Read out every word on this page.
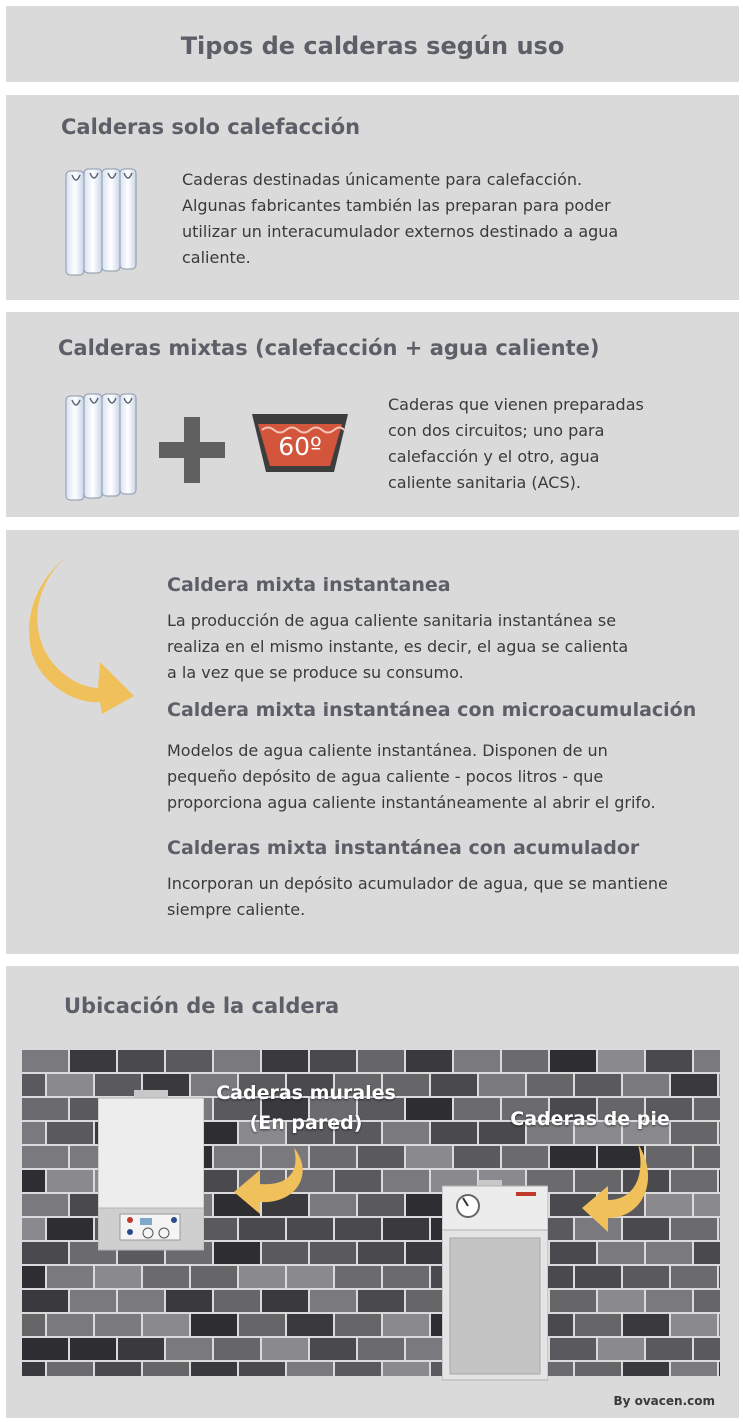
Tipos de calderas según uso
Calderas solo calefacción
Caderas destinadas únicamente para calefacción.
Algunas fabricantes también las preparan para poder
utilizar un interacumulador externos destinado a agua
caliente.
Calderas mixtas (calefacción + agua caliente)
60º
Caderas que vienen preparadas
con dos circuitos; uno para
calefacción y el otro, agua
caliente sanitaria (ACS).
Caldera mixta instantanea
La producción de agua caliente sanitaria instantánea se
realiza en el mismo instante, es decir, el agua se calienta
a la vez que se produce su consumo.
Caldera mixta instantánea con microacumulación
Modelos de agua caliente instantánea. Disponen de un
pequeño depósito de agua caliente - pocos litros - que
proporciona agua caliente instantáneamente al abrir el grifo.
Calderas mixta instantánea con acumulador
Incorporan un depósito acumulador de agua, que se mantiene
siempre caliente.
Ubicación de la caldera
Caderas murales
(En pared)	Caderas de pie
By ovacen.com
